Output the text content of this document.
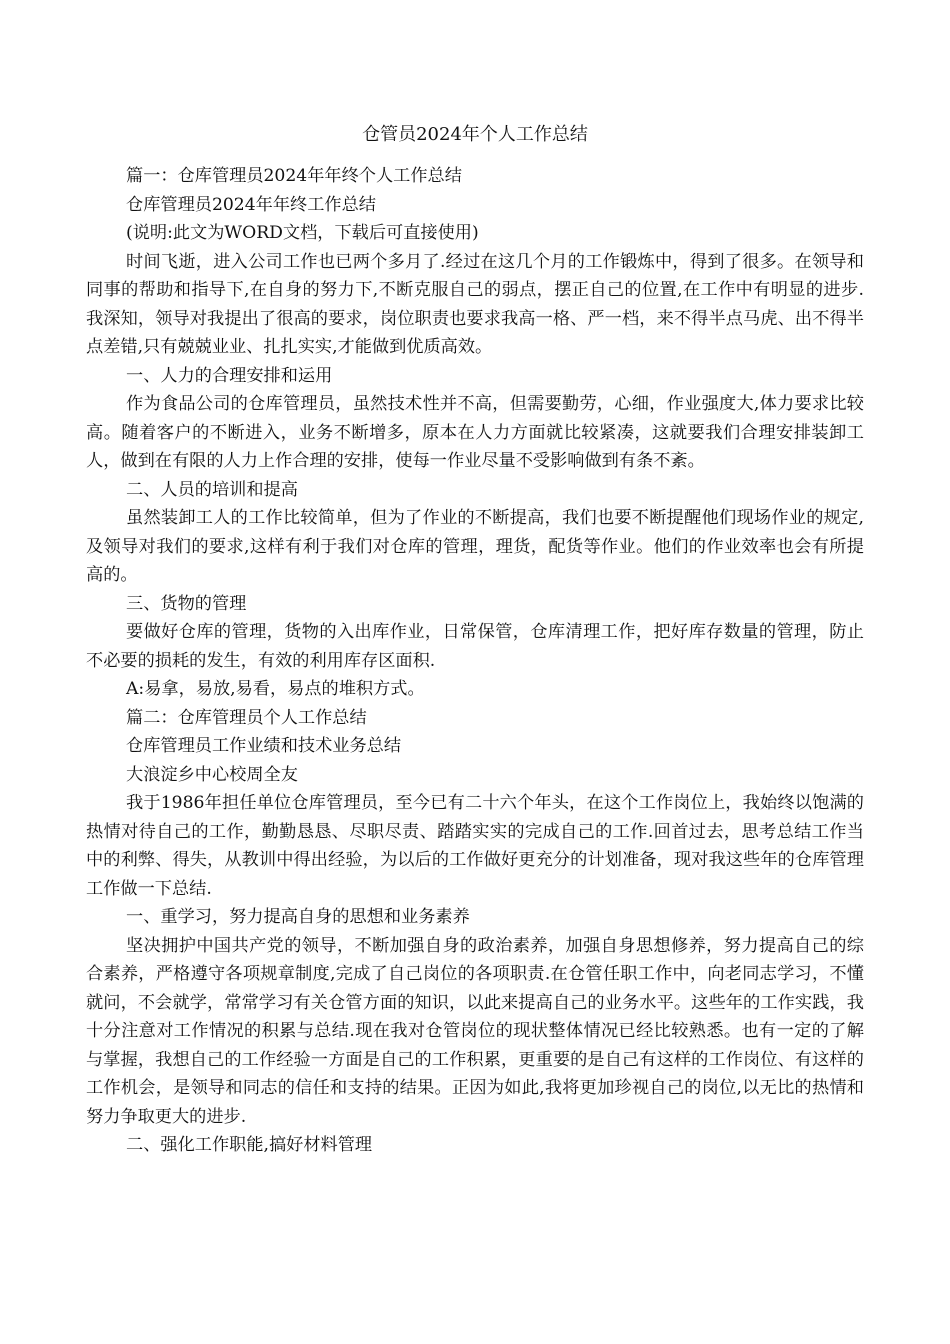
仓管员2024年个人工作总结

篇一：仓库管理员2024年年终个人工作总结

仓库管理员2024年年终工作总结

(说明:此文为WORD文档，下载后可直接使用)

时间飞逝，进入公司工作也已两个多月了.经过在这几个月的工作锻炼中，得到了很多。在领导和同事的帮助和指导下,在自身的努力下,不断克服自己的弱点，摆正自己的位置,在工作中有明显的进步.我深知，领导对我提出了很高的要求，岗位职责也要求我高一格、严一档，来不得半点马虎、出不得半点差错,只有兢兢业业、扎扎实实,才能做到优质高效。

一、人力的合理安排和运用

作为食品公司的仓库管理员，虽然技术性并不高，但需要勤劳，心细，作业强度大,体力要求比较高。随着客户的不断进入，业务不断增多，原本在人力方面就比较紧凑，这就要我们合理安排装卸工人，做到在有限的人力上作合理的安排，使每一作业尽量不受影响做到有条不紊。

二、人员的培训和提高

虽然装卸工人的工作比较简单，但为了作业的不断提高，我们也要不断提醒他们现场作业的规定,及领导对我们的要求,这样有利于我们对仓库的管理，理货，配货等作业。他们的作业效率也会有所提高的。

三、货物的管理

要做好仓库的管理，货物的入出库作业，日常保管，仓库清理工作，把好库存数量的管理，防止不必要的损耗的发生，有效的利用库存区面积.

A:易拿，易放,易看，易点的堆积方式。

篇二：仓库管理员个人工作总结

仓库管理员工作业绩和技术业务总结

大浪淀乡中心校周全友

我于1986年担任单位仓库管理员，至今已有二十六个年头，在这个工作岗位上，我始终以饱满的热情对待自己的工作，勤勤恳恳、尽职尽责、踏踏实实的完成自己的工作.回首过去，思考总结工作当中的利弊、得失，从教训中得出经验，为以后的工作做好更充分的计划准备，现对我这些年的仓库管理工作做一下总结.

一、重学习，努力提高自身的思想和业务素养

坚决拥护中国共产党的领导，不断加强自身的政治素养，加强自身思想修养，努力提高自己的综合素养，严格遵守各项规章制度,完成了自己岗位的各项职责.在仓管任职工作中，向老同志学习，不懂就问，不会就学，常常学习有关仓管方面的知识，以此来提高自己的业务水平。这些年的工作实践，我十分注意对工作情况的积累与总结.现在我对仓管岗位的现状整体情况已经比较熟悉。也有一定的了解与掌握，我想自己的工作经验一方面是自己的工作积累，更重要的是自己有这样的工作岗位、有这样的工作机会，是领导和同志的信任和支持的结果。正因为如此,我将更加珍视自己的岗位,以无比的热情和努力争取更大的进步.

二、强化工作职能,搞好材料管理
